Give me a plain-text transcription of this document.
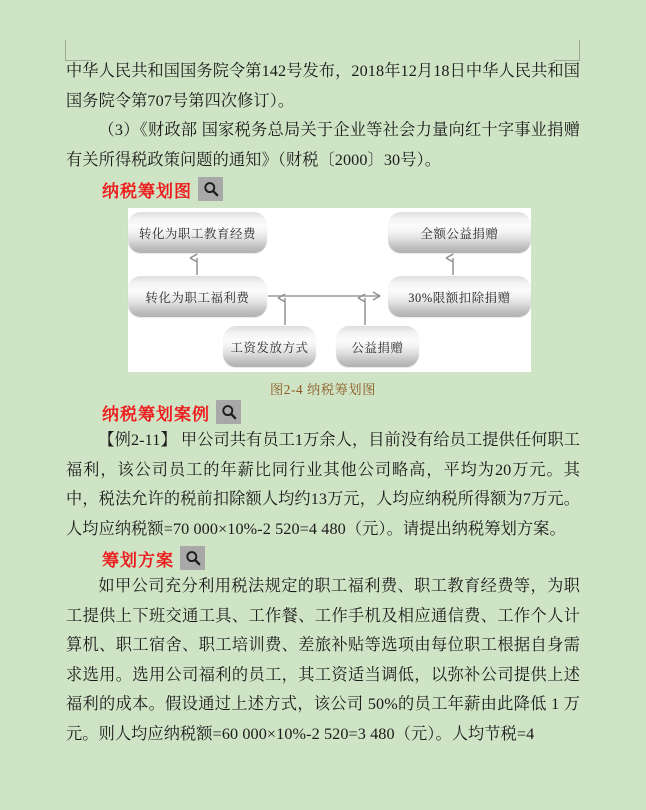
中华人民共和国国务院令第142号发布，2018年12月18日中华人民共和国国务院令第707号第四次修订）。

（3）《财政部 国家税务总局关于企业等社会力量向红十字事业捐赠有关所得税政策问题的通知》（财税〔2000〕30号）。

纳税筹划图
转化为职工教育经费
转化为职工福利费
工资发放方式	公益捐赠
全额公益捐赠
30%限额扣除捐赠
图2-4 纳税筹划图
纳税筹划案例

【例2-11】 甲公司共有员工1万余人，目前没有给员工提供任何职工福利，该公司员工的年薪比同行业其他公司略高，平均为20万元。其中，税法允许的税前扣除额人均约13万元，人均应纳税所得额为7万元。人均应纳税额=70 000×10%-2 520=4 480（元）。请提出纳税筹划方案。

筹划方案

如甲公司充分利用税法规定的职工福利费、职工教育经费等，为职工提供上下班交通工具、工作餐、工作手机及相应通信费、工作个人计算机、职工宿舍、职工培训费、差旅补贴等选项由每位职工根据自身需求选用。选用公司福利的员工，其工资适当调低，以弥补公司提供上述福利的成本。假设通过上述方式，该公司 50%的员工年薪由此降低 1 万元。则人均应纳税额=60 000×10%-2 520=3 480（元）。人均节税=4
